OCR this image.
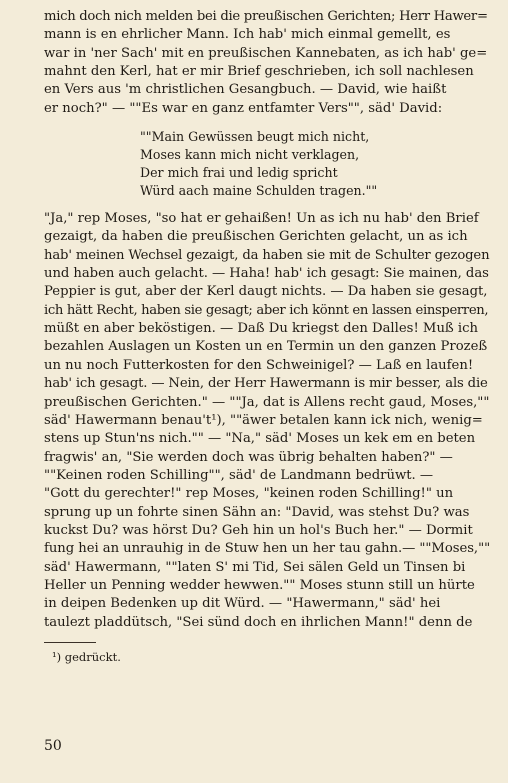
mich doch nich melden bei die preußischen Gerichten; Herr Hawer=
mann is en ehrlicher Mann. Ich hab' mich einmal gemellt, es
war in 'ner Sach' mit en preußischen Kannebaten, as ich hab' ge=
mahnt den Kerl, hat er mir Brief geschrieben, ich soll nachlesen
en Vers aus 'm christlichen Gesangbuch. — David, wie haißt
er noch?" — ""Es war en ganz entfamter Vers"", säd' David:

""Main Gewüssen beugt mich nicht,
Moses kann mich nicht verklagen,
Der mich frai und ledig spricht
Würd aach maine Schulden tragen.""

"Ja," rep Moses, "so hat er gehaißen! Un as ich nu hab' den Brief
gezaigt, da haben die preußischen Gerichten gelacht, un as ich
hab' meinen Wechsel gezaigt, da haben sie mit de Schulter gezogen
und haben auch gelacht. — Haha! hab' ich gesagt: Sie mainen, das
Peppier is gut, aber der Kerl daugt nichts. — Da haben sie gesagt,
ich hätt Recht, haben sie gesagt; aber ich könnt en lassen einsperren,
müßt en aber beköstigen. — Daß Du kriegst den Dalles! Muß ich
bezahlen Auslagen un Kosten un en Termin un den ganzen Prozeß
un nu noch Futterkosten for den Schweinigel? — Laß en laufen!
hab' ich gesagt. — Nein, der Herr Hawermann is mir besser, als die
preußischen Gerichten." — ""Ja, dat is Allens recht gaud, Moses,""
säd' Hawermann benau't¹), ""äwer betalen kann ick nich, wenig=
stens up Stun'ns nich."" — "Na," säd' Moses un kek em en beten
fragwis' an, "Sie werden doch was übrig behalten haben?" —
""Keinen roden Schilling"", säd' de Landmann bedrüwt. —
"Gott du gerechter!" rep Moses, "keinen roden Schilling!" un
sprung up un fohrte sinen Sähn an: "David, was stehst Du? was
kuckst Du? was hörst Du? Geh hin un hol's Buch her." — Dormit
fung hei an unrauhig in de Stuw hen un her tau gahn.— ""Moses,""
säd' Hawermann, ""laten S' mi Tid, Sei sälen Geld un Tinsen bi
Heller un Penning wedder hewwen."" Moses stunn still un hürte
in deipen Bedenken up dit Würd. — "Hawermann," säd' hei
taulezt pladdütsch, "Sei sünd doch en ihrlichen Mann!" denn de

¹) gedrückt.

50
